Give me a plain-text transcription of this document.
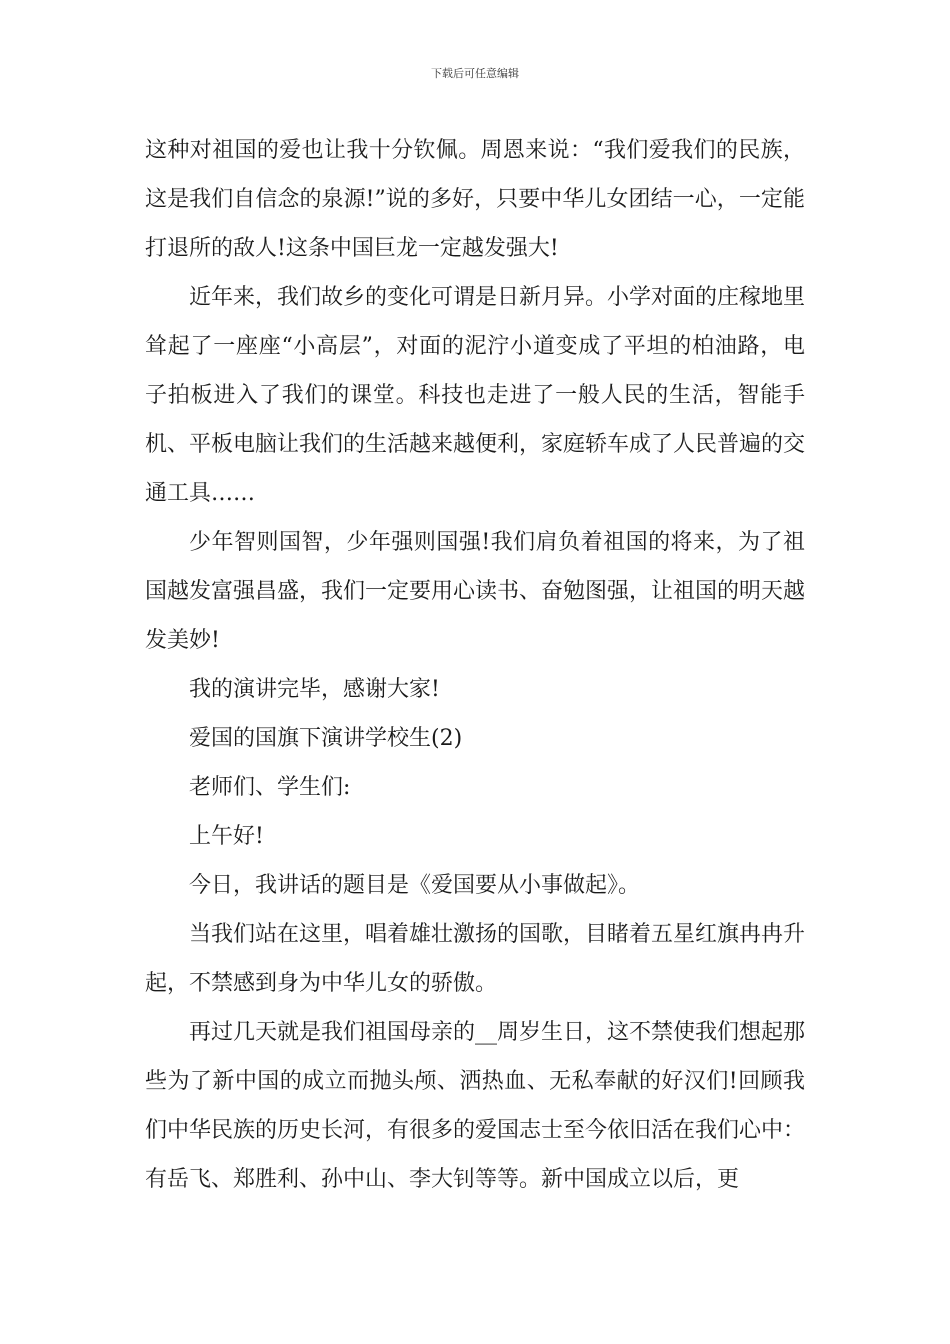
下载后可任意编辑

这种对祖国的爱也让我十分钦佩。周恩来说：“我们爱我们的民族，这是我们自信念的泉源!”说的多好，只要中华儿女团结一心，一定能打退所的敌人!这条中国巨龙一定越发强大!

近年来，我们故乡的变化可谓是日新月异。小学对面的庄稼地里耸起了一座座“小高层”，对面的泥泞小道变成了平坦的柏油路，电子拍板进入了我们的课堂。科技也走进了一般人民的生活，智能手机、平板电脑让我们的生活越来越便利，家庭轿车成了人民普遍的交通工具……

少年智则国智，少年强则国强!我们肩负着祖国的将来，为了祖国越发富强昌盛，我们一定要用心读书、奋勉图强，让祖国的明天越发美妙!

我的演讲完毕，感谢大家!

爱国的国旗下演讲学校生(2)

老师们、学生们:

上午好!

今日，我讲话的题目是《爱国要从小事做起》。

当我们站在这里，唱着雄壮激扬的国歌，目睹着五星红旗冉冉升起，不禁感到身为中华儿女的骄傲。

再过几天就是我们祖国母亲的__周岁生日，这不禁使我们想起那些为了新中国的成立而抛头颅、洒热血、无私奉献的好汉们!回顾我们中华民族的历史长河，有很多的爱国志士至今依旧活在我们心中：有岳飞、郑胜利、孙中山、李大钊等等。新中国成立以后，更
